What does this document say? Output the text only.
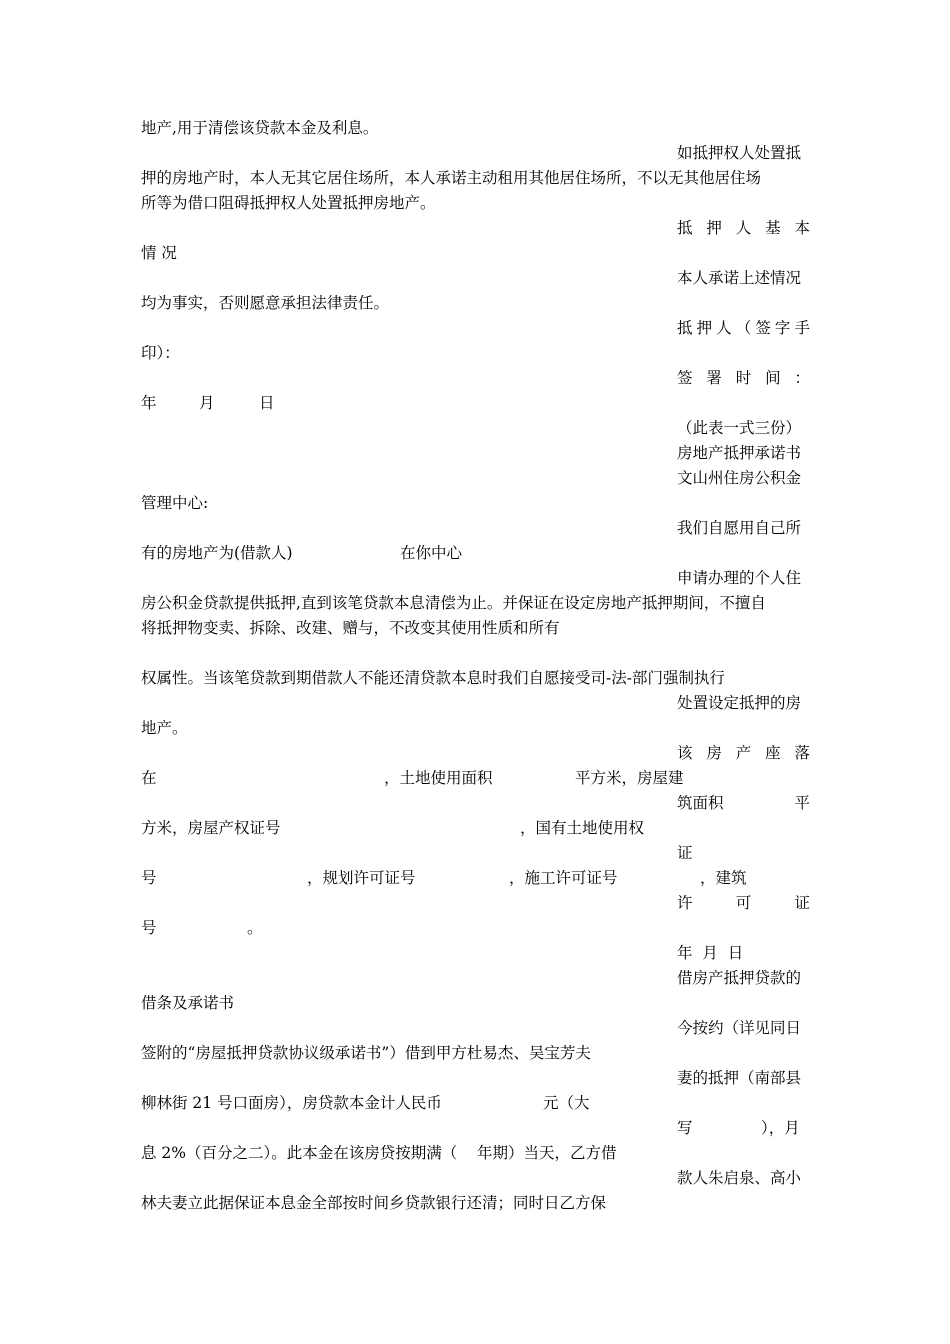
地产,用于清偿该贷款本金及利息。
如抵押权人处置抵
押的房地产时，本人无其它居住场所，本人承诺主动租用其他居住场所，不以无其他居住场
所等为借口阻碍抵押权人处置抵押房地产。
抵 押 人 基 本
情 况
本人承诺上述情况
均为事实，否则愿意承担法律责任。
抵 押 人 （ 签 字 手
印）：
签 署 时 间 ：
年	月	日
（此表一式三份）
房地产抵押承诺书
文山州住房公积金
管理中心:
我们自愿用自己所
有的房地产为(借款人)	在你中心
申请办理的个人住
房公积金贷款提供抵押,直到该笔贷款本息清偿为止。并保证在设定房地产抵押期间，不擅自
将抵押物变卖、拆除、改建、赠与，不改变其使用性质和所有
权属性。当该笔贷款到期借款人不能还清贷款本息时我们自愿接受司-法-部门强制执行
处置设定抵押的房
地产。
该 房 产 座 落
在	，土地使用面积	平方米，房屋建
筑面积	平
方米，房屋产权证号	，国有土地使用权
证
号	，规划许可证号	，施工许可证号	，建筑
许	可	证
号	。
年  月  日
借房产抵押贷款的
借条及承诺书
今按约（详见同日
签附的“房屋抵押贷款协议级承诺书”）借到甲方杜易杰、吴宝芳夫
妻的抵押（南部县
柳林街 21 号口面房），房贷款本金计人民币	元（大
写	），月
息 2%（百分之二）。此本金在该房贷按期满（    年期）当天，乙方借
款人朱启泉、高小
林夫妻立此据保证本息金全部按时间乡贷款银行还清；同时日乙方保
